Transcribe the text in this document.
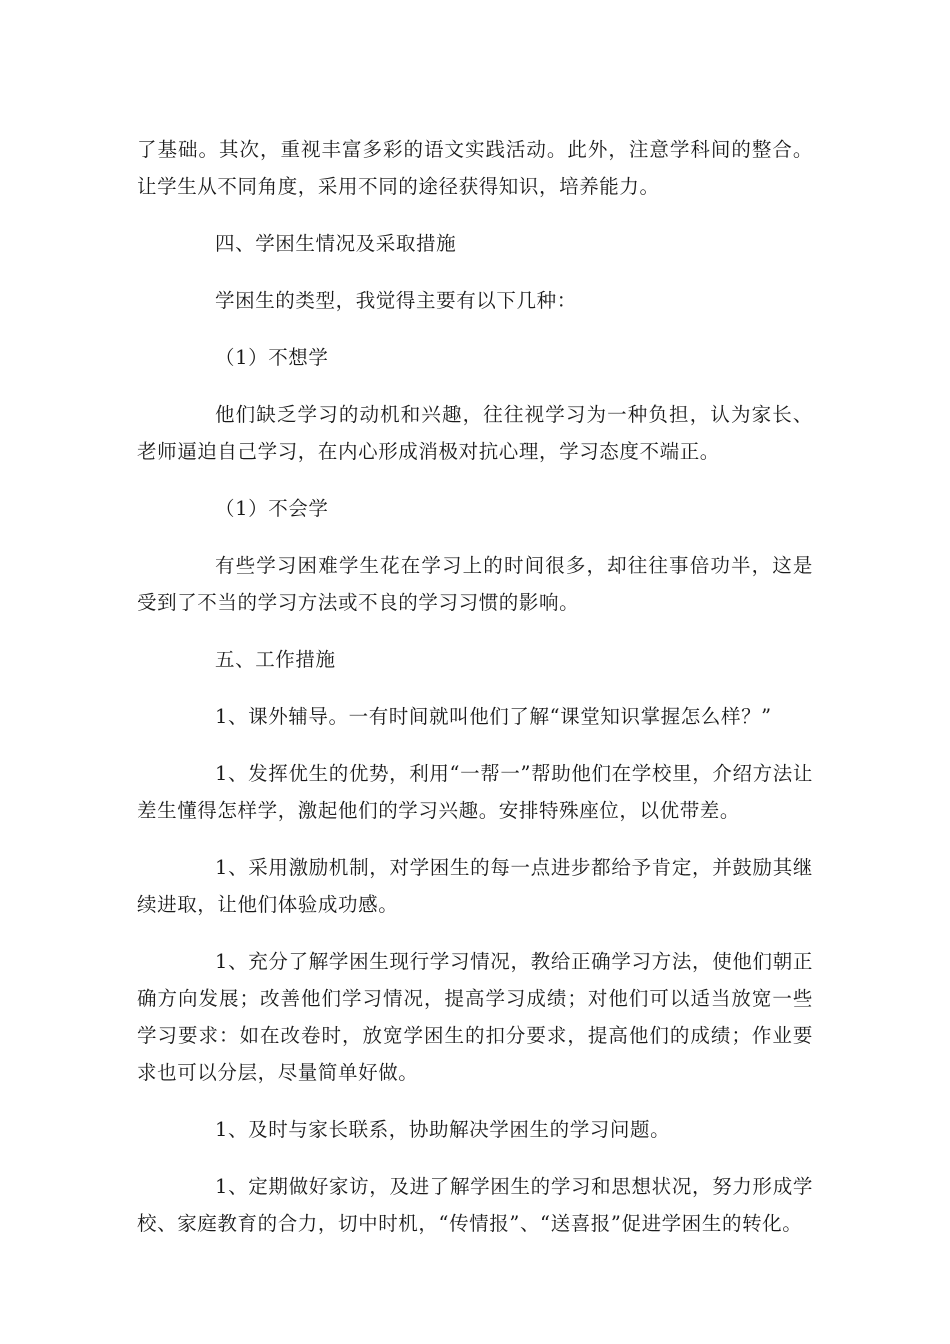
了基础。其次，重视丰富多彩的语文实践活动。此外，注意学科间的整合。让学生从不同角度，采用不同的途径获得知识，培养能力。

四、学困生情况及采取措施

学困生的类型，我觉得主要有以下几种：

（1）不想学

他们缺乏学习的动机和兴趣，往往视学习为一种负担，认为家长、老师逼迫自己学习，在内心形成消极对抗心理，学习态度不端正。

（1）不会学

有些学习困难学生花在学习上的时间很多，却往往事倍功半，这是受到了不当的学习方法或不良的学习习惯的影响。

五、工作措施

1、课外辅导。一有时间就叫他们了解“课堂知识掌握怎么样？”

1、发挥优生的优势，利用“一帮一”帮助他们在学校里，介绍方法让差生懂得怎样学，激起他们的学习兴趣。安排特殊座位，以优带差。

1、采用激励机制，对学困生的每一点进步都给予肯定，并鼓励其继续进取，让他们体验成功感。

1、充分了解学困生现行学习情况，教给正确学习方法，使他们朝正确方向发展；改善他们学习情况，提高学习成绩；对他们可以适当放宽一些学习要求：如在改卷时，放宽学困生的扣分要求，提高他们的成绩；作业要求也可以分层，尽量简单好做。

1、及时与家长联系，协助解决学困生的学习问题。

1、定期做好家访，及进了解学困生的学习和思想状况，努力形成学校、家庭教育的合力，切中时机，“传情报”、“送喜报”促进学困生的转化。
